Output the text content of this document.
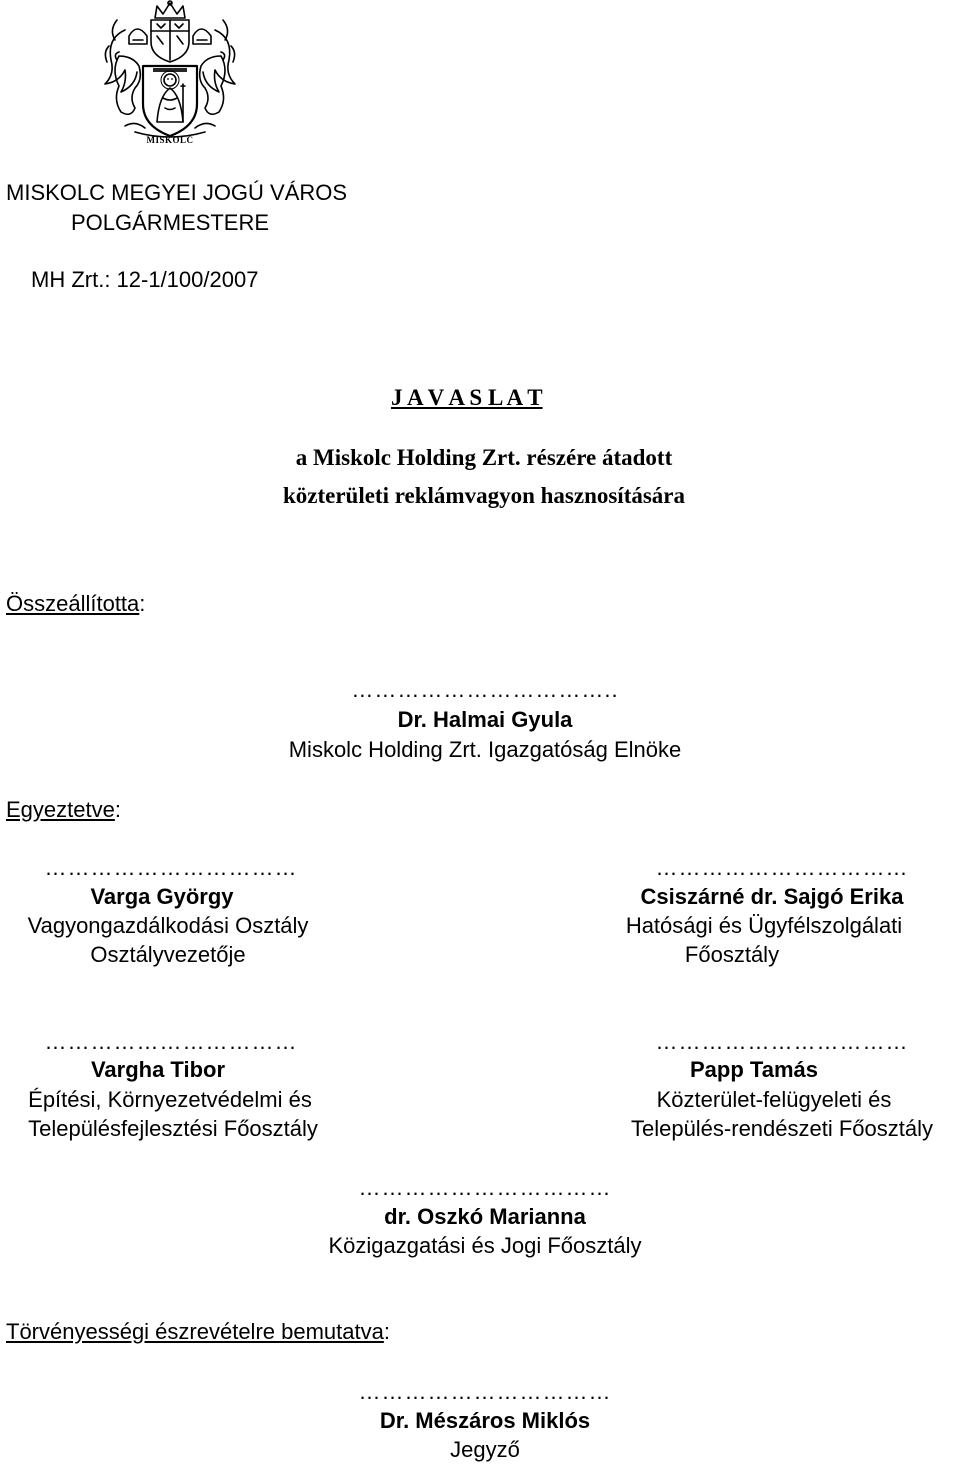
MISKOLC
MISKOLC MEGYEI JOGÚ VÁROS
POLGÁRMESTERE
MH Zrt.: 12-1/100/2007
J A V A S L A T
a Miskolc Holding Zrt. részére átadott
közterületi reklámvagyon hasznosítására
Összeállította:
……………………………..
Dr. Halmai Gyula
Miskolc Holding Zrt. Igazgatóság Elnöke
Egyeztetve:
……………………………
Varga György
Vagyongazdálkodási Osztály
Osztályvezetője
……………………………
Csiszárné dr. Sajgó Erika
Hatósági és Ügyfélszolgálati
Főosztály
……………………………
Vargha Tibor
Építési, Környezetvédelmi és
Településfejlesztési Főosztály
……………………………
Papp Tamás
Közterület-felügyeleti és
Település-rendészeti Főosztály
……………………………
dr. Oszkó Marianna
Közigazgatási és Jogi Főosztály
Törvényességi észrevételre bemutatva:
……………………………
Dr. Mészáros Miklós
Jegyző
